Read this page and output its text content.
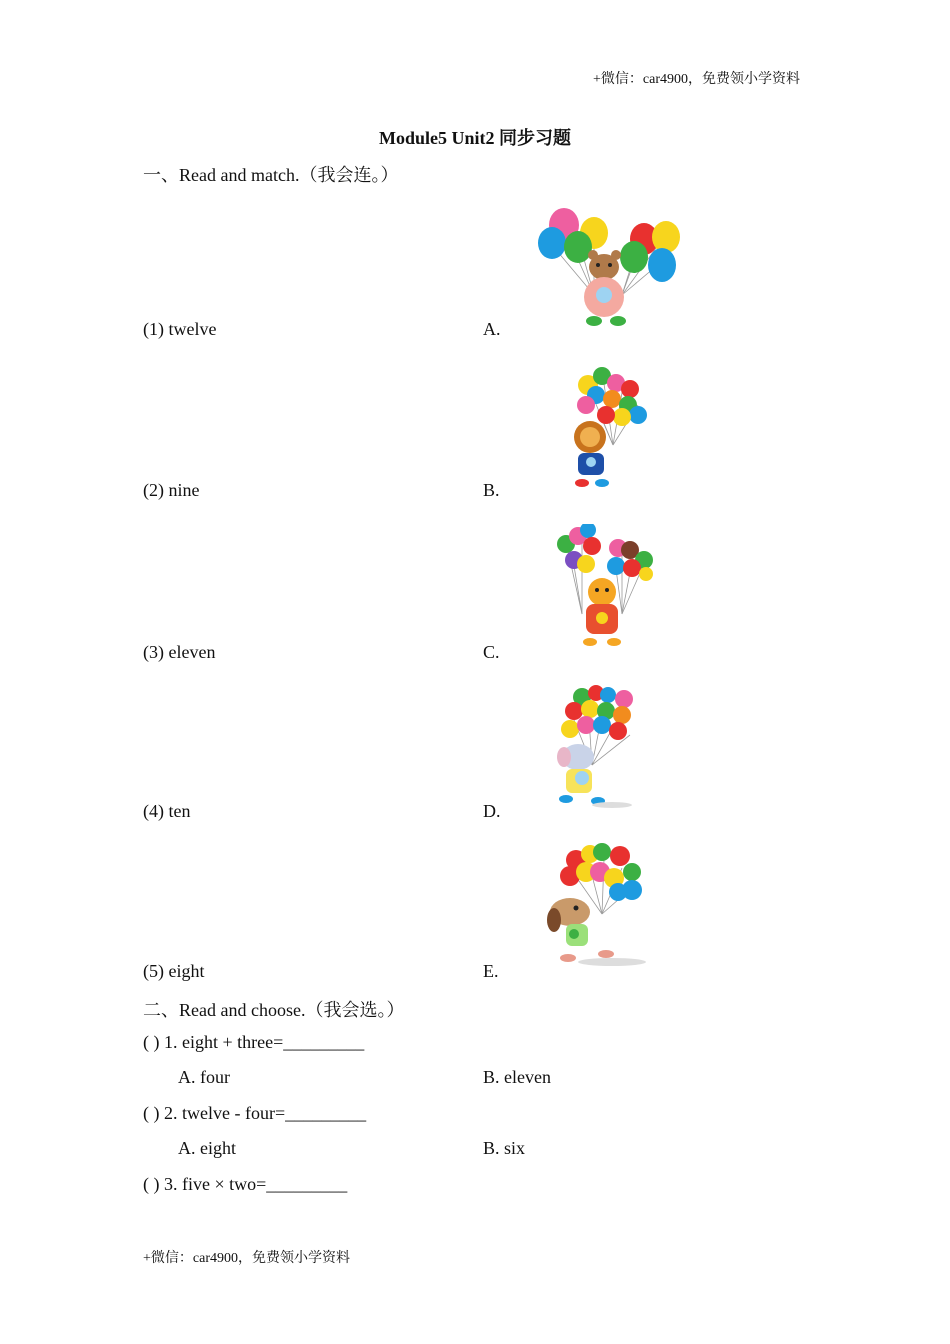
+微信：car4900，免费领小学资料
Module5 Unit2 同步习题
一、Read and match.（我会连。）
(1) twelve	A.
(2) nine	B.
(3) eleven	C.
(4) ten	D.
(5) eight	E.
二、Read and choose.（我会选。）
( ) 1. eight + three=_________
A. four	B. eleven
( ) 2. twelve - four=_________
A. eight	B. six
( ) 3. five × two=_________
+微信：car4900，免费领小学资料
